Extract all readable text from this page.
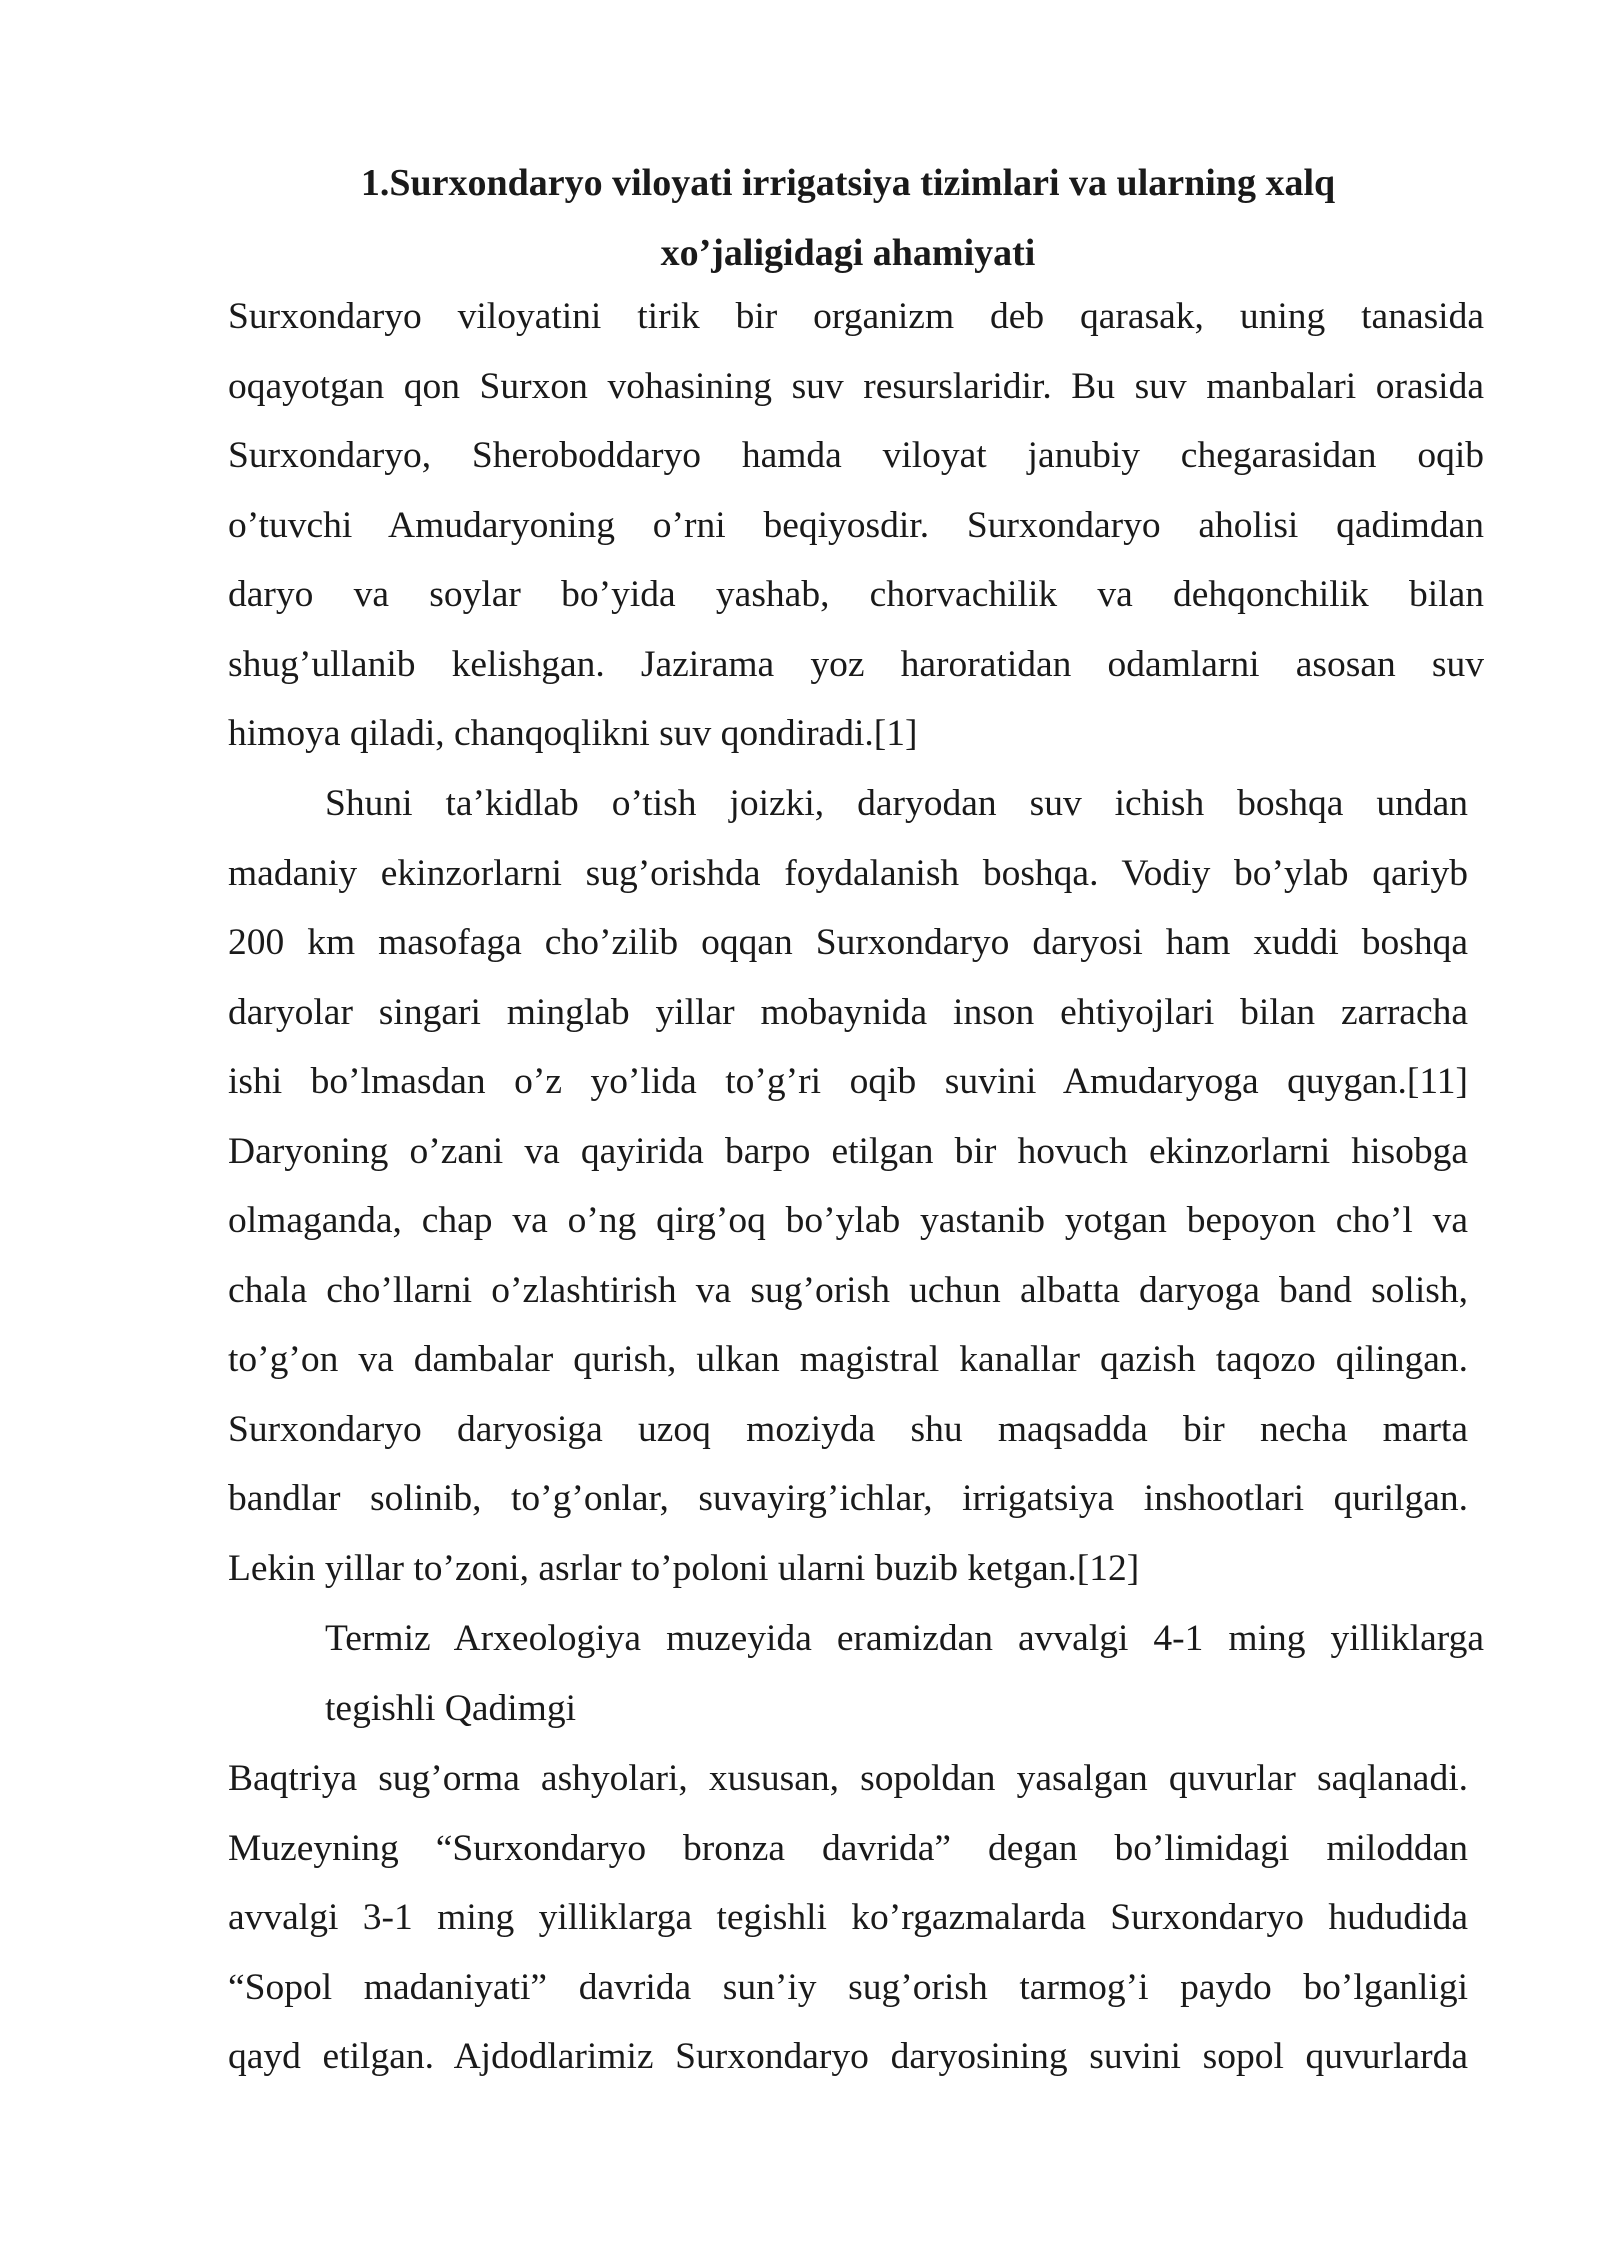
1.Surxondaryo viloyati irrigatsiya tizimlari va ularning xalq
xo’jaligidagi ahamiyati
Surxondaryo viloyatini tirik bir organizm deb qarasak, uning tanasida
oqayotgan qon Surxon vohasining suv resurslaridir. Bu suv manbalari orasida
Surxondaryo, Sheroboddaryo hamda viloyat janubiy chegarasidan oqib
o’tuvchi Amudaryoning o’rni beqiyosdir. Surxondaryo aholisi qadimdan
daryo va soylar bo’yida yashab, chorvachilik va dehqonchilik bilan
shug’ullanib kelishgan. Jazirama yoz haroratidan odamlarni asosan suv
himoya qiladi, chanqoqlikni suv qondiradi.[1]
Shuni ta’kidlab o’tish joizki, daryodan suv ichish boshqa undan
madaniy ekinzorlarni sug’orishda foydalanish boshqa. Vodiy bo’ylab qariyb
200 km masofaga cho’zilib oqqan Surxondaryo daryosi ham xuddi boshqa
daryolar singari minglab yillar mobaynida inson ehtiyojlari bilan zarracha
ishi bo’lmasdan o’z yo’lida to’g’ri oqib suvini Amudaryoga quygan.[11]
Daryoning o’zani va qayirida barpo etilgan bir hovuch ekinzorlarni hisobga
olmaganda, chap va o’ng qirg’oq bo’ylab yastanib yotgan bepoyon cho’l va
chala cho’llarni o’zlashtirish va sug’orish uchun albatta daryoga band solish,
to’g’on va dambalar qurish, ulkan magistral kanallar qazish taqozo qilingan.
Surxondaryo daryosiga uzoq moziyda shu maqsadda bir necha marta
bandlar solinib, to’g’onlar, suvayirg’ichlar, irrigatsiya inshootlari qurilgan.
Lekin yillar to’zoni, asrlar to’poloni ularni buzib ketgan.[12]
Termiz Arxeologiya muzeyida eramizdan avvalgi 4-1 ming yilliklarga
tegishli Qadimgi
Baqtriya sug’orma ashyolari, xususan, sopoldan yasalgan quvurlar saqlanadi.
Muzeyning “Surxondaryo bronza davrida” degan bo’limidagi miloddan
avvalgi 3-1 ming yilliklarga tegishli ko’rgazmalarda Surxondaryo hududida
“Sopol madaniyati” davrida sun’iy sug’orish tarmog’i paydo bo’lganligi
qayd etilgan. Ajdodlarimiz Surxondaryo daryosining suvini sopol quvurlarda
